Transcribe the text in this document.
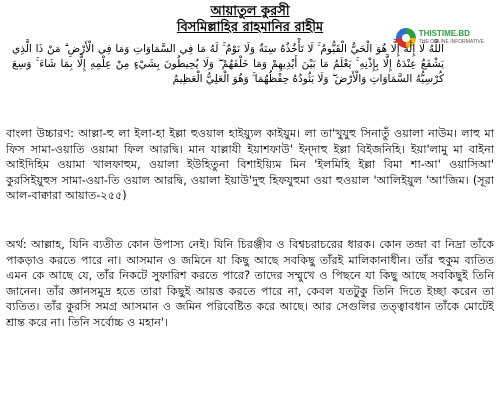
আয়াতুল কুরসী
বিসমিল্লাহির রাহমানির রাহীম	THISTIME.BD
THE ONLINE INFORMATIVE
اللَّهُ لَا إِلَٰهَ إِلَّا هُوَ الْحَيُّ الْقَيُّومُ ۚ لَا تَأْخُذُهُ سِنَةٌ وَلَا نَوْمٌ ۚ لَهُ مَا فِي السَّمَاوَاتِ وَمَا فِي الْأَرْضِ ۗ مَنْ ذَا الَّذِي يَشْفَعُ عِنْدَهُ إِلَّا بِإِذْنِهِ ۚ يَعْلَمُ مَا بَيْنَ أَيْدِيهِمْ وَمَا خَلْفَهُمْ ۖ وَلَا يُحِيطُونَ بِشَيْءٍ مِنْ عِلْمِهِ إِلَّا بِمَا شَاءَ ۚ وَسِعَ كُرْسِيُّهُ السَّمَاوَاتِ وَالْأَرْضَ ۖ وَلَا يَئُودُهُ حِفْظُهُمَا ۚ وَهُوَ الْعَلِيُّ الْعَظِيمُ
বাংলা উচ্চারণ: আল্লা-হু লা ইলা-হা ইল্লা হুওয়াল হাইয়্যুল কাইয়ুম। লা তা'খুযুহু সিনাতুঁ ওয়ালা নাউম। লাহু মা ফিস সামা-ওয়াতি ওয়ামা ফিল আরদ্বি। মান যাল্লাযী ইয়াশফাউ' ইন্‌দাহু ইল্লা বিইজনিহি। ইয়া'লামু মা বাইনা আইদিহিম ওয়ামা খালফাহুম, ওয়ালা ইউহিতুনা বিশাইয়্যিম মিন 'ইলমিহি ইল্লা বিমা শা-আ' ওয়াসিআ' কুরসিইয়ুহুস সামা-ওয়া-তি ওয়াল আরদ্বি, ওয়ালা ইয়াউ'দুহু হিফযুহুমা ওয়া হুওয়াল 'আলিইয়ুল 'আ'জিম। (সূরা আল-বাক্বারা আয়াত-২৫৫)
অর্থ: আল্লাহ, যিনি ব্যতীত কোন উপাস্য নেই। যিনি চিরঞ্জীব ও বিশ্বচরাচরের ধারক। কোন তন্দ্রা বা নিদ্রা তাঁকে পাকড়াও করতে পারে না। আসমান ও জমিনে যা কিছু আছে সবকিছু তাঁরই মালিকানাধীন। তাঁর হুকুম ব্যতিত এমন কে আছে যে, তাঁর নিকটে সুফারিশ করতে পারে? তাদের সম্মুখে ও পিছনে যা কিছু আছে সবকিছুই তিনি জানেন। তাঁর জ্ঞানসমুদ্র হতে তারা কিছুই আয়ত্ত করতে পারে না, কেবল যতটুকু তিনি দিতে ইচ্ছা করেন তা ব্যতিত। তাঁর কুরসি সমগ্র আসমান ও জমিন পরিবেষ্টিত করে আছে। আর সেগুলির তত্ত্বাবধান তাঁকে মোটেই শ্রান্ত করে না। তিনি সর্বোচ্চ ও মহান'।
